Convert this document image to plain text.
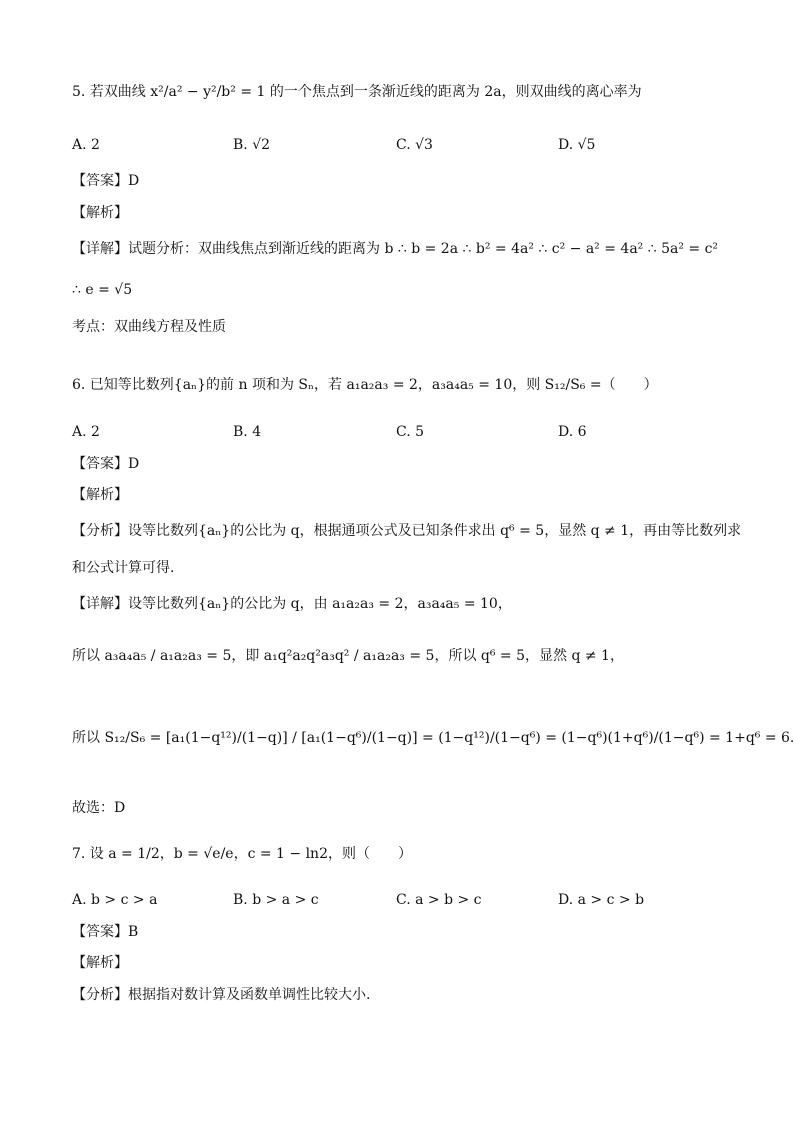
5. 若双曲线 x²/a² − y²/b² = 1 的一个焦点到一条渐近线的距离为 2a，则双曲线的离心率为
A. 2	B. √2	C. √3	D. √5
【答案】D
【解析】
【详解】试题分析：双曲线焦点到渐近线的距离为 b ∴ b = 2a ∴ b² = 4a² ∴ c² − a² = 4a² ∴ 5a² = c²
∴ e = √5
考点：双曲线方程及性质
6. 已知等比数列{aₙ}的前 n 项和为 Sₙ，若 a₁a₂a₃ = 2，a₃a₄a₅ = 10，则 S₁₂/S₆ =（　　）
A. 2	B. 4	C. 5	D. 6
【答案】D
【解析】
【分析】设等比数列{aₙ}的公比为 q，根据通项公式及已知条件求出 q⁶ = 5，显然 q ≠ 1，再由等比数列求
和公式计算可得.
【详解】设等比数列{aₙ}的公比为 q，由 a₁a₂a₃ = 2，a₃a₄a₅ = 10，
所以 a₃a₄a₅ / a₁a₂a₃ = 5，即 a₁q²a₂q²a₃q² / a₁a₂a₃ = 5，所以 q⁶ = 5，显然 q ≠ 1，
所以 S₁₂/S₆ = [a₁(1−q¹²)/(1−q)] / [a₁(1−q⁶)/(1−q)] = (1−q¹²)/(1−q⁶) = (1−q⁶)(1+q⁶)/(1−q⁶) = 1+q⁶ = 6.
故选：D
7. 设 a = 1/2，b = √e/e，c = 1 − ln2，则（　　）
A. b > c > a	B. b > a > c	C. a > b > c	D. a > c > b
【答案】B
【解析】
【分析】根据指对数计算及函数单调性比较大小.
